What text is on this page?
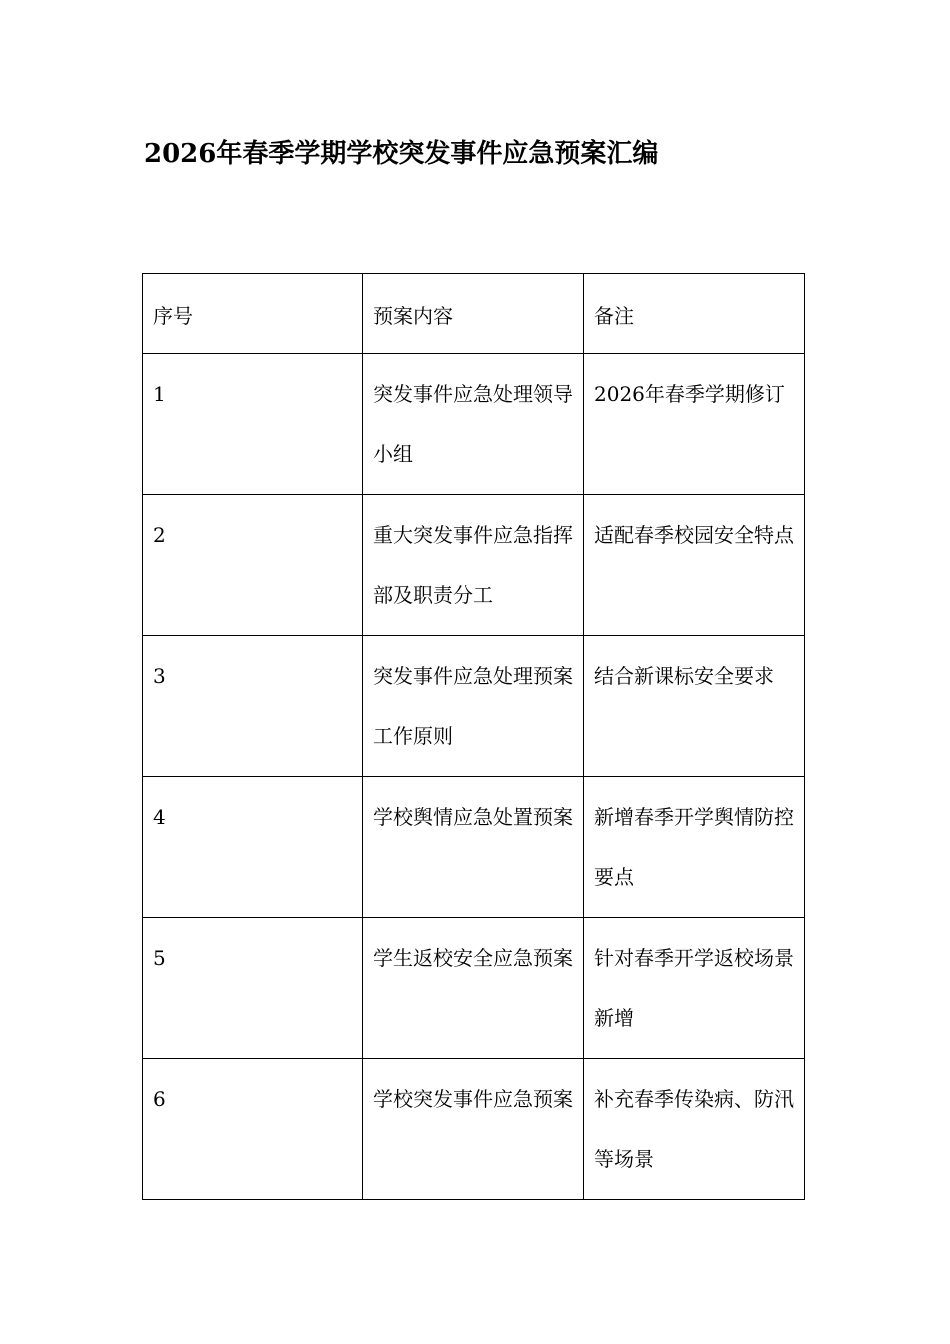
2026年春季学期学校突发事件应急预案汇编
序号	预案内容	备注
1	突发事件应急处理领导小组	2026年春季学期修订
2	重大突发事件应急指挥部及职责分工	适配春季校园安全特点
3	突发事件应急处理预案工作原则	结合新课标安全要求
4	学校舆情应急处置预案	新增春季开学舆情防控要点
5	学生返校安全应急预案	针对春季开学返校场景新增
6	学校突发事件应急预案	补充春季传染病、防汛等场景
